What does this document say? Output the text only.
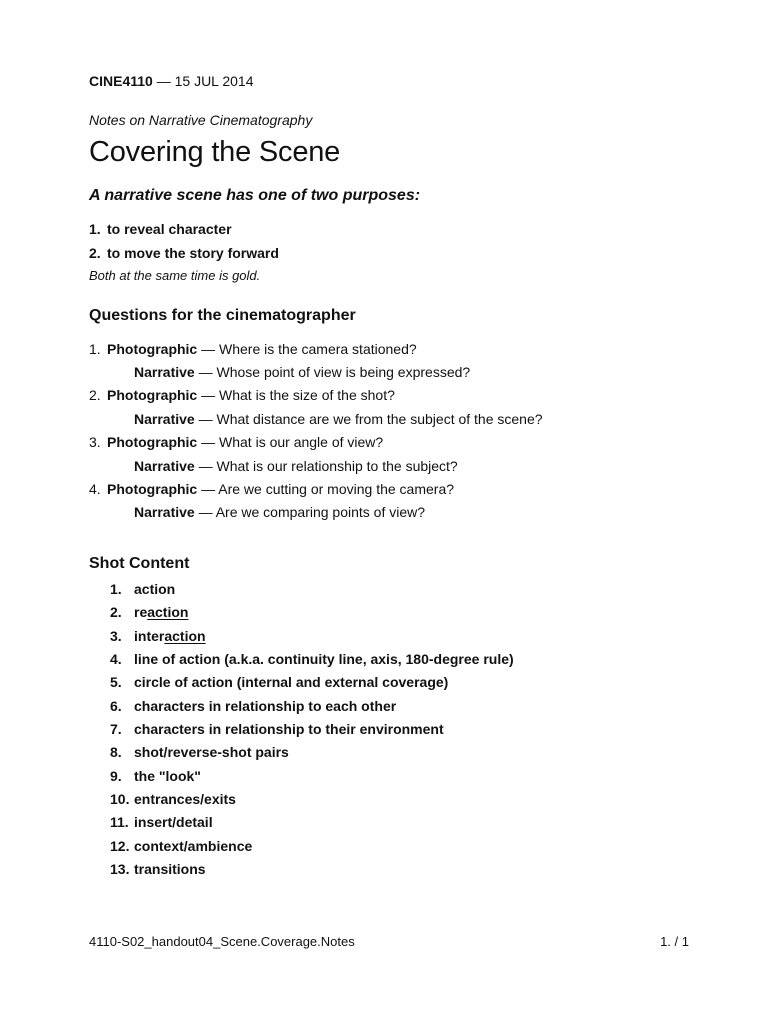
CINE4110 — 15 JUL 2014
Notes on Narrative Cinematography
Covering the Scene
A narrative scene has one of two purposes:
1. to reveal character
2. to move the story forward
Both at the same time is gold.
Questions for the cinematographer
1. Photographic — Where is the camera stationed?
Narrative — Whose point of view is being expressed?
2. Photographic — What is the size of the shot?
Narrative — What distance are we from the subject of the scene?
3. Photographic — What is our angle of view?
Narrative — What is our relationship to the subject?
4. Photographic — Are we cutting or moving the camera?
Narrative — Are we comparing points of view?
Shot Content
1. action
2. reaction
3. interaction
4. line of action (a.k.a. continuity line, axis, 180-degree rule)
5. circle of action (internal and external coverage)
6. characters in relationship to each other
7. characters in relationship to their environment
8. shot/reverse-shot pairs
9. the "look"
10. entrances/exits
11. insert/detail
12. context/ambience
13. transitions
4110-S02_handout04_Scene.Coverage.Notes	1. / 1
